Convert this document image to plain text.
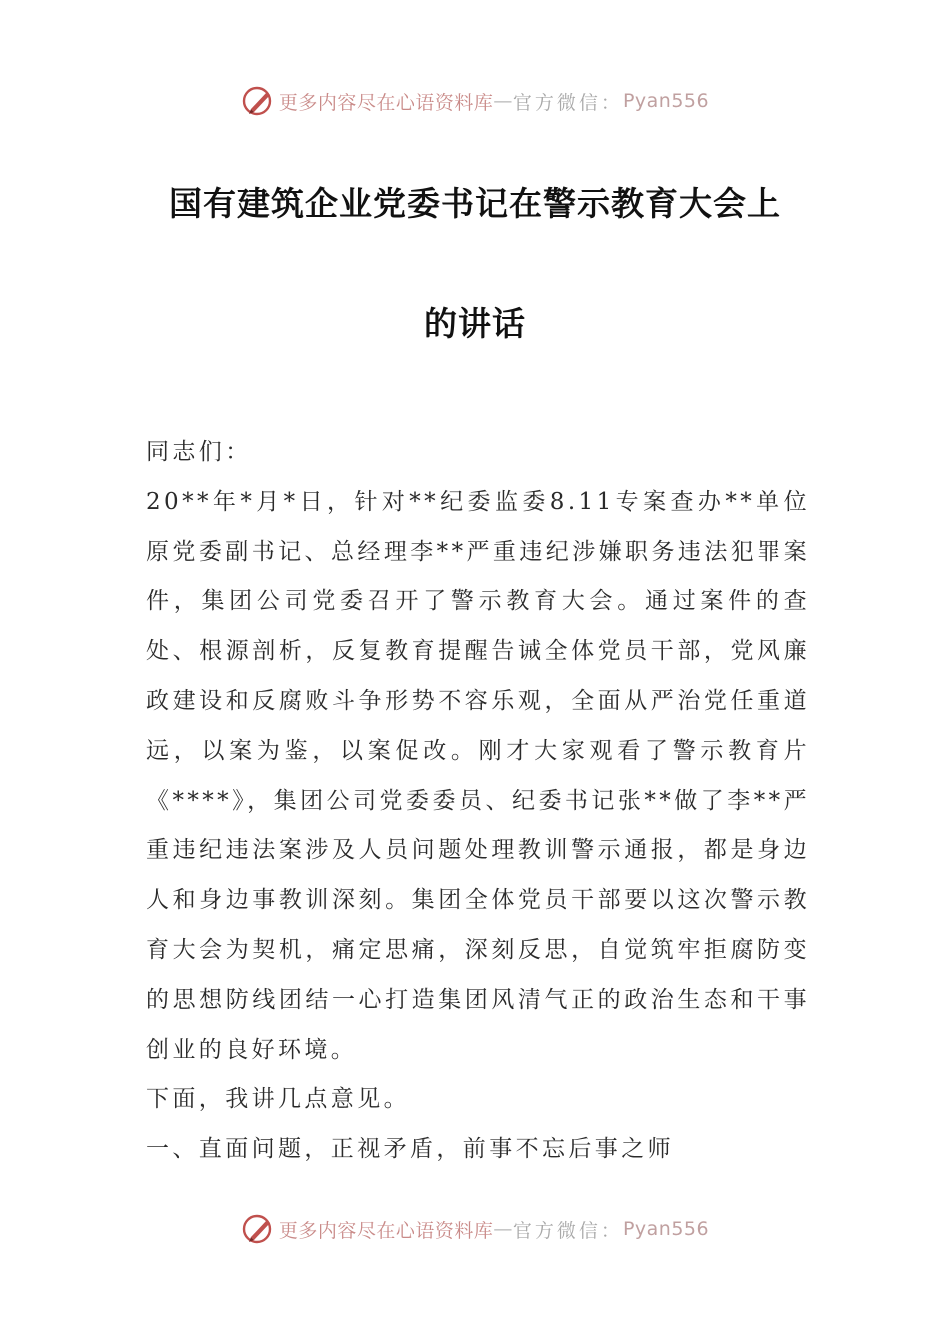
更多内容尽在心语资料库 — 官方微信： Pyan556
国有建筑企业党委书记在警示教育大会上
的讲话

同志们：

20**年*月*日，针对**纪委监委8.11专案查办**单位原党委副书记、总经理李**严重违纪涉嫌职务违法犯罪案件，集团公司党委召开了警示教育大会。通过案件的查处、根源剖析，反复教育提醒告诫全体党员干部，党风廉政建设和反腐败斗争形势不容乐观，全面从严治党任重道远，以案为鉴，以案促改。刚才大家观看了警示教育片《****》，集团公司党委委员、纪委书记张**做了李**严重违纪违法案涉及人员问题处理教训警示通报，都是身边人和身边事教训深刻。集团全体党员干部要以这次警示教育大会为契机，痛定思痛，深刻反思，自觉筑牢拒腐防变的思想防线团结一心打造集团风清气正的政治生态和干事创业的良好环境。

下面，我讲几点意见。

一、直面问题，正视矛盾，前事不忘后事之师

更多内容尽在心语资料库 — 官方微信： Pyan556
